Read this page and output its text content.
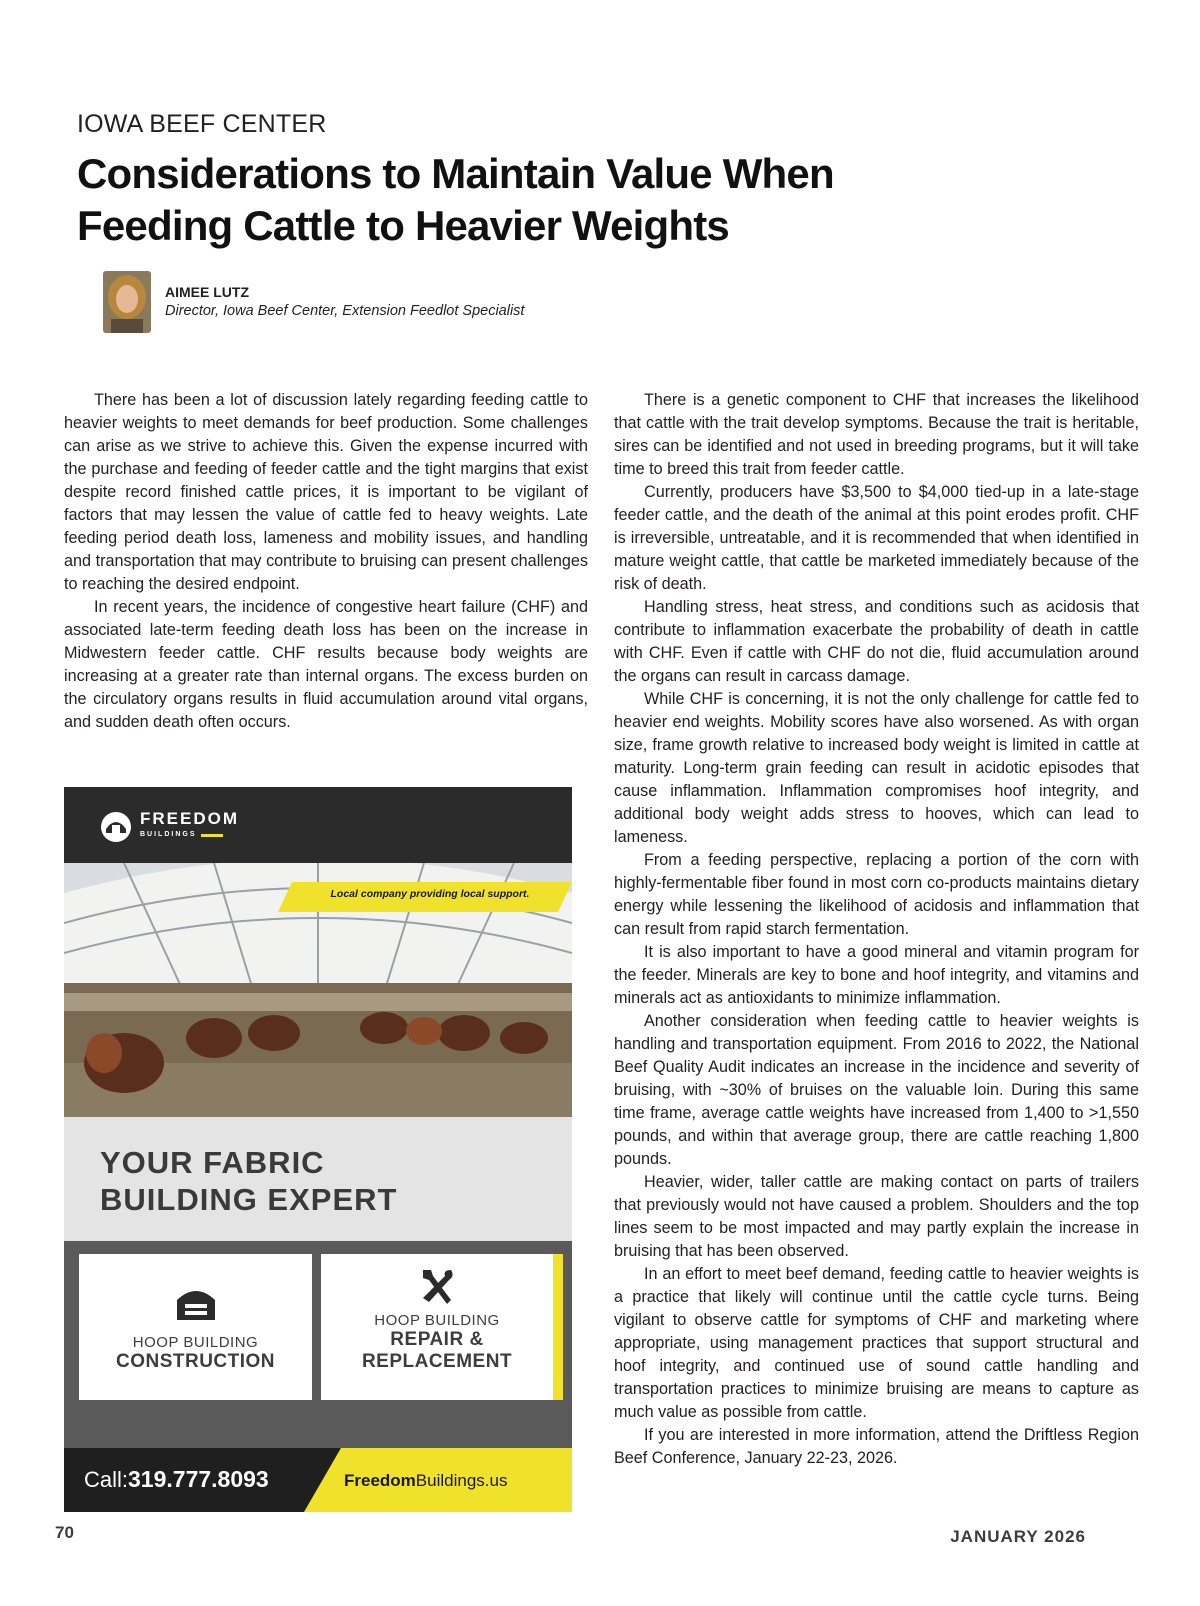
IOWA BEEF CENTER
Considerations to Maintain Value When Feeding Cattle to Heavier Weights
AIMEE LUTZ
Director, Iowa Beef Center, Extension Feedlot Specialist

There has been a lot of discussion lately regarding feeding cattle to heavier weights to meet demands for beef production. Some challenges can arise as we strive to achieve this. Given the expense incurred with the purchase and feeding of feeder cattle and the tight margins that exist despite record finished cattle prices, it is important to be vigilant of factors that may lessen the value of cattle fed to heavy weights. Late feeding period death loss, lameness and mobility issues, and handling and transportation that may contribute to bruising can present challenges to reaching the desired endpoint.

In recent years, the incidence of congestive heart failure (CHF) and associated late-term feeding death loss has been on the increase in Midwestern feeder cattle. CHF results because body weights are increasing at a greater rate than internal organs. The excess burden on the circulatory organs results in fluid accumulation around vital organs, and sudden death often occurs.

There is a genetic component to CHF that increases the likelihood that cattle with the trait develop symptoms. Because the trait is heritable, sires can be identified and not used in breeding programs, but it will take time to breed this trait from feeder cattle.

Currently, producers have $3,500 to $4,000 tied-up in a late-stage feeder cattle, and the death of the animal at this point erodes profit. CHF is irreversible, untreatable, and it is recommended that when identified in mature weight cattle, that cattle be marketed immediately because of the risk of death.

Handling stress, heat stress, and conditions such as acidosis that contribute to inflammation exacerbate the probability of death in cattle with CHF. Even if cattle with CHF do not die, fluid accumulation around the organs can result in carcass damage.

While CHF is concerning, it is not the only challenge for cattle fed to heavier end weights. Mobility scores have also worsened. As with organ size, frame growth relative to increased body weight is limited in cattle at maturity. Long-term grain feeding can result in acidotic episodes that cause inflammation. Inflammation compromises hoof integrity, and additional body weight adds stress to hooves, which can lead to lameness.

From a feeding perspective, replacing a portion of the corn with highly-fermentable fiber found in most corn co-products maintains dietary energy while lessening the likelihood of acidosis and inflammation that can result from rapid starch fermentation.

It is also important to have a good mineral and vitamin program for the feeder. Minerals are key to bone and hoof integrity, and vitamins and minerals act as antioxidants to minimize inflammation.

Another consideration when feeding cattle to heavier weights is handling and transportation equipment. From 2016 to 2022, the National Beef Quality Audit indicates an increase in the incidence and severity of bruising, with ~30% of bruises on the valuable loin. During this same time frame, average cattle weights have increased from 1,400 to >1,550 pounds, and within that average group, there are cattle reaching 1,800 pounds.

Heavier, wider, taller cattle are making contact on parts of trailers that previously would not have caused a problem. Shoulders and the top lines seem to be most impacted and may partly explain the increase in bruising that has been observed.

In an effort to meet beef demand, feeding cattle to heavier weights is a practice that likely will continue until the cattle cycle turns. Being vigilant to observe cattle for symptoms of CHF and marketing where appropriate, using management practices that support structural and hoof integrity, and continued use of sound cattle handling and transportation practices to minimize bruising are means to capture as much value as possible from cattle.

If you are interested in more information, attend the Driftless Region Beef Conference, January 22-23, 2026.

FREEDOM
BUILDINGS
Local company providing local support.
YOUR FABRIC
BUILDING EXPERT
HOOP BUILDING
CONSTRUCTION
HOOP BUILDING
REPAIR &
REPLACEMENT
Call:319.777.8093	FreedomBuildings.us
70	JANUARY 2026
